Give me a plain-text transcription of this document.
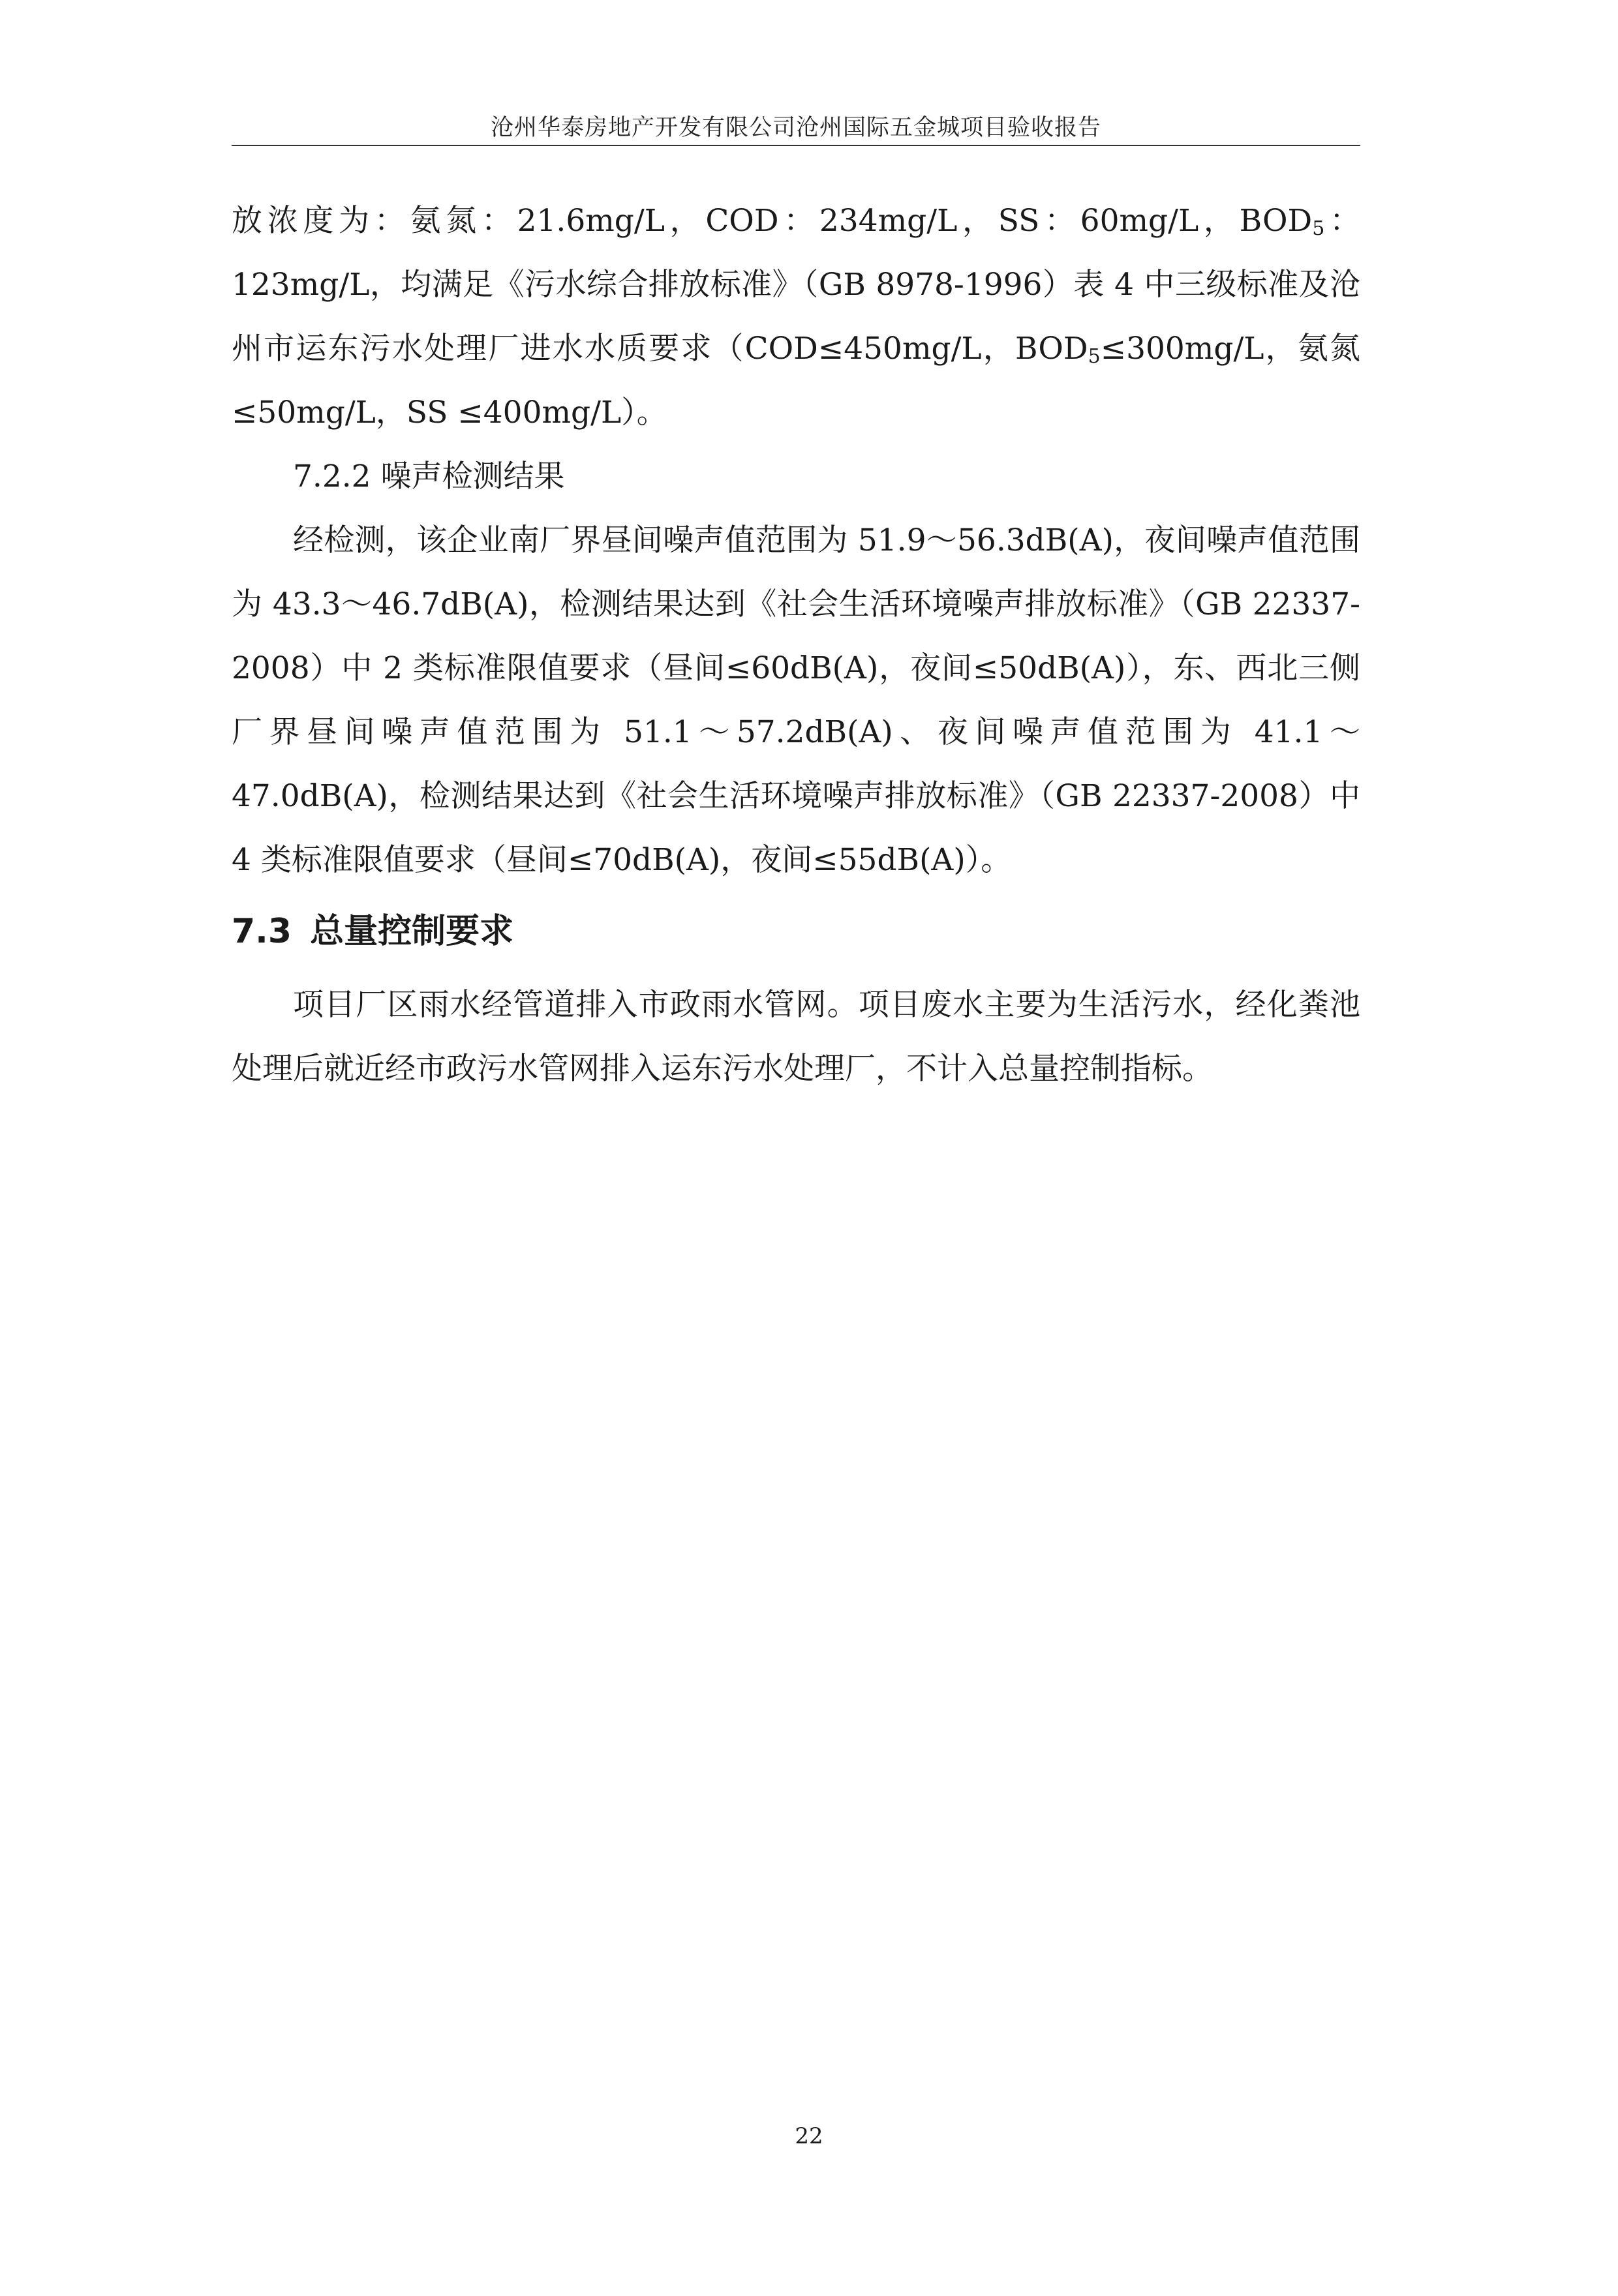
沧州华泰房地产开发有限公司沧州国际五金城项目验收报告

放浓度为：氨氮：21.6mg/L，COD：234mg/L，SS：60mg/L，$BOD_5$：123mg/L，均满足《污水综合排放标准》（GB 8978-1996）表 4 中三级标准及沧州市运东污水处理厂进水水质要求（COD≤450mg/L，$BOD_5\le 300mg/L$，氨氮≤50mg/L，SS ≤400mg/L）。

7.2.2 噪声检测结果

经检测，该企业南厂界昼间噪声值范围为 51.9～56.3dB(A)，夜间噪声值范围为 43.3～46.7dB(A)，检测结果达到《社会生活环境噪声排放标准》（GB 22337-2008）中 2 类标准限值要求（昼间≤60dB(A)，夜间≤50dB(A)），东、西北三侧厂界昼间噪声值范围为 51.1～57.2dB(A)、夜间噪声值范围为 41.1～47.0dB(A)，检测结果达到《社会生活环境噪声排放标准》（GB 22337-2008）中 4 类标准限值要求（昼间≤70dB(A)，夜间≤55dB(A)）。

7.3 总量控制要求

项目厂区雨水经管道排入市政雨水管网。项目废水主要为生活污水，经化粪池处理后就近经市政污水管网排入运东污水处理厂，不计入总量控制指标。

22
